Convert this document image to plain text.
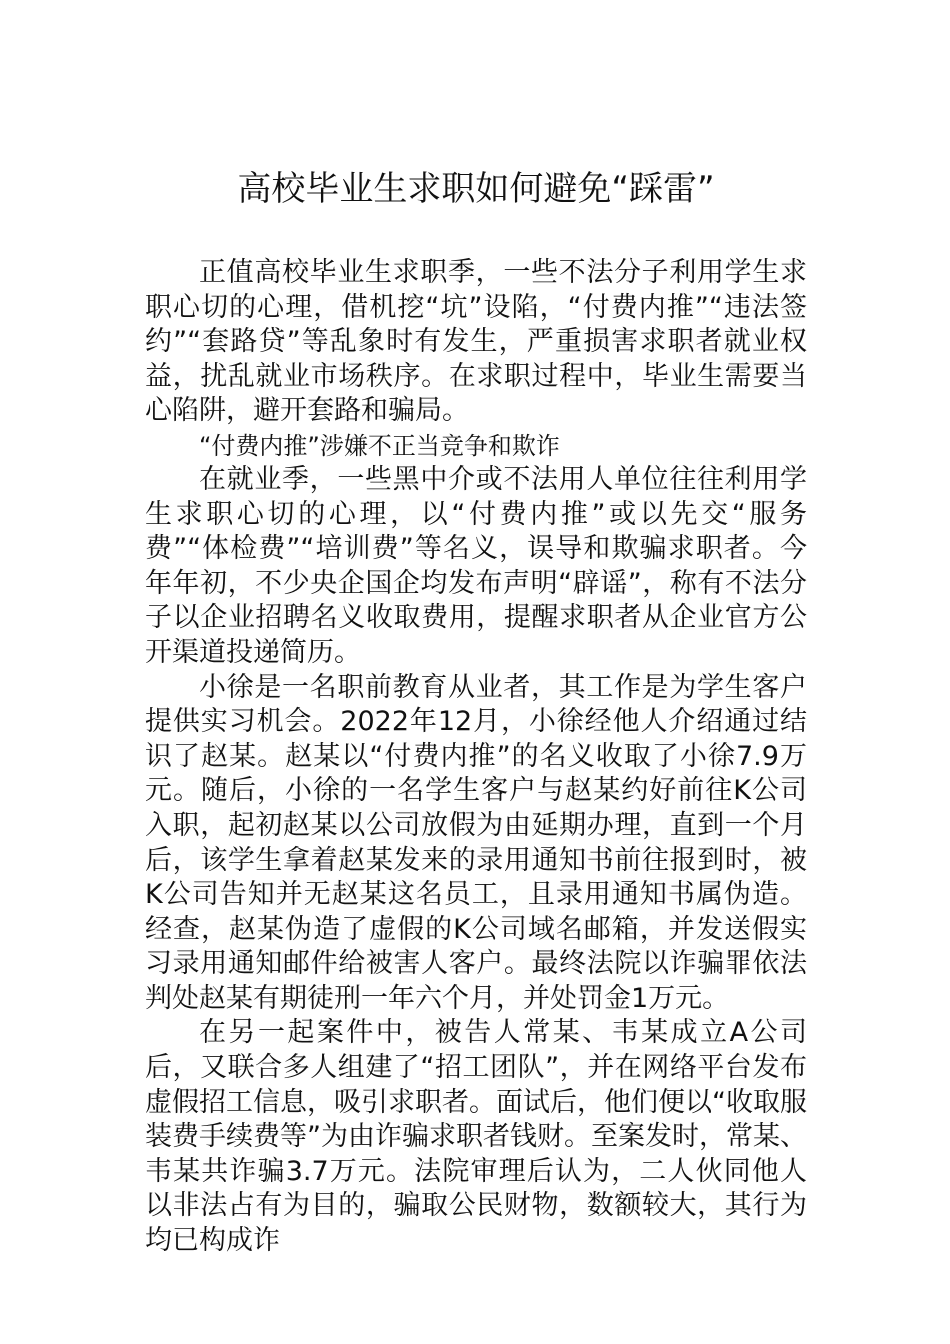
高校毕业生求职如何避免“踩雷”

正值高校毕业生求职季，一些不法分子利用学生求职心切的心理，借机挖“坑”设陷，“付费内推”“违法签约”“套路贷”等乱象时有发生，严重损害求职者就业权益，扰乱就业市场秩序。在求职过程中，毕业生需要当心陷阱，避开套路和骗局。

“付费内推”涉嫌不正当竞争和欺诈

在就业季，一些黑中介或不法用人单位往往利用学生求职心切的心理，以“付费内推”或以先交“服务费”“体检费”“培训费”等名义，误导和欺骗求职者。今年年初，不少央企国企均发布声明“辟谣”，称有不法分子以企业招聘名义收取费用，提醒求职者从企业官方公开渠道投递简历。

小徐是一名职前教育从业者，其工作是为学生客户提供实习机会。2022年12月，小徐经他人介绍通过结识了赵某。赵某以“付费内推”的名义收取了小徐7.9万元。随后，小徐的一名学生客户与赵某约好前往K公司入职，起初赵某以公司放假为由延期办理，直到一个月后，该学生拿着赵某发来的录用通知书前往报到时，被K公司告知并无赵某这名员工，且录用通知书属伪造。经查，赵某伪造了虚假的K公司域名邮箱，并发送假实习录用通知邮件给被害人客户。最终法院以诈骗罪依法判处赵某有期徒刑一年六个月，并处罚金1万元。

在另一起案件中，被告人常某、韦某成立A公司后，又联合多人组建了“招工团队”，并在网络平台发布虚假招工信息，吸引求职者。面试后，他们便以“收取服装费手续费等”为由诈骗求职者钱财。至案发时，常某、韦某共诈骗3.7万元。法院审理后认为，二人伙同他人以非法占有为目的，骗取公民财物，数额较大，其行为均已构成诈
